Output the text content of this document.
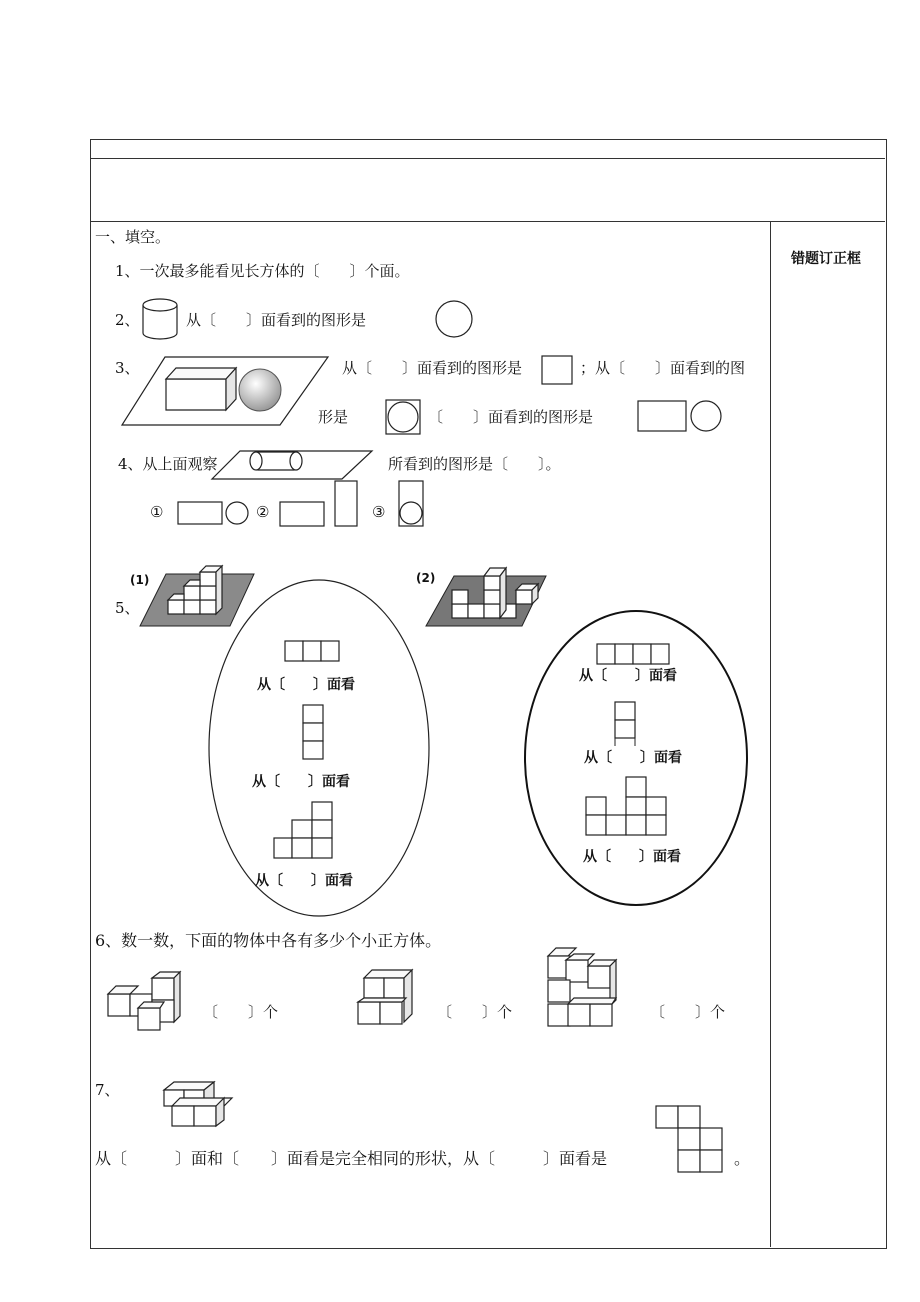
错题订正框
一、填空。
1、一次最多能看见长方体的〔　　〕个面。
2、	从〔　　〕面看到的图形是
3、	从〔　　〕面看到的图形是	；从〔　　〕面看到的图
形是	〔　　〕面看到的图形是
4、从上面观察	所看到的图形是〔　　〕。
①	②	③
(1)	(2)
5、
从〔　　〕面看
从〔　　〕面看
从〔　　〕面看
从〔　　〕面看
从〔　　〕面看
从〔　　〕面看
6、数一数，下面的物体中各有多少个小正方体。
〔　　〕个	〔　　〕个	〔　　〕个
7、
从〔　　　〕面和〔　　〕面看是完全相同的形状，从〔　　　〕面看是	。
